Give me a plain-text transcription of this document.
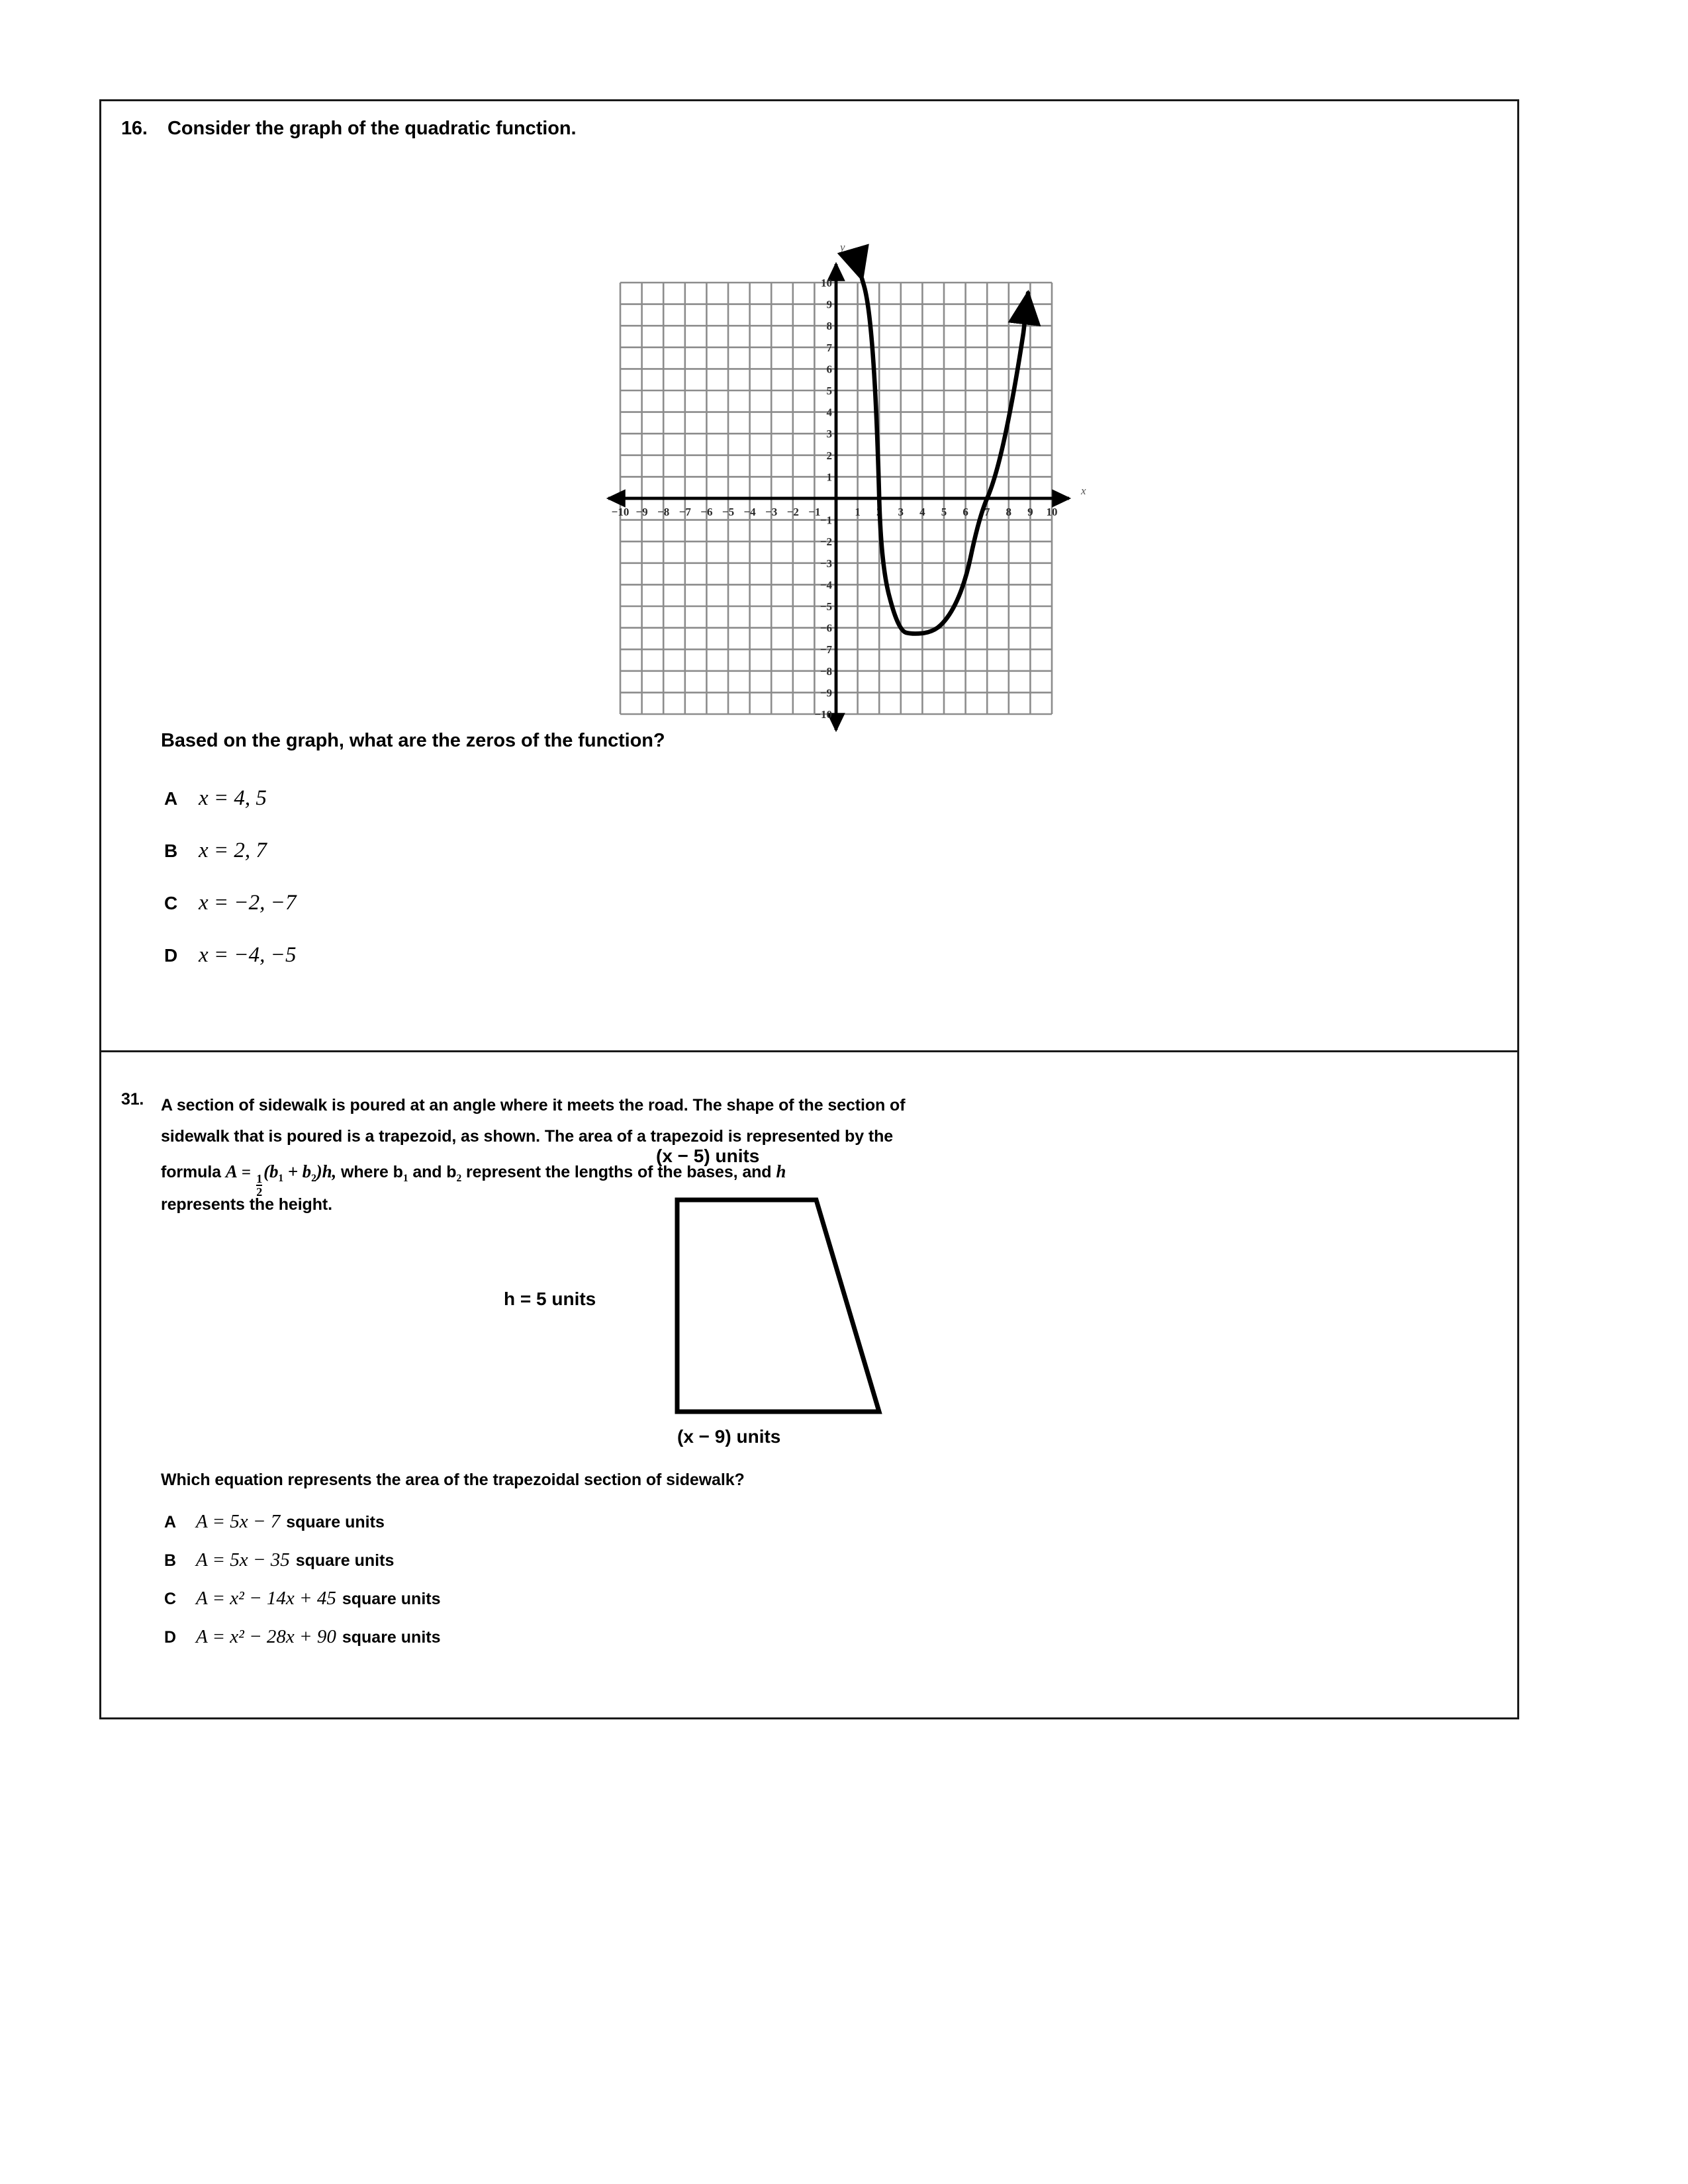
16. Consider the graph of the quadratic function.
x
y
−10 −9 −8 −7 −6 −5 −4 −3 −2 −1	1 2 3 4 5 6 7 8 9 10
10
9
8
7
6
5
4
3
2
1
−1
−2
−3
−4
−5
−6
−7
−8
−9
−10
Based on the graph, what are the zeros of the function?
A x = 4, 5
B x = 2, 7
C x = −2, −7
D x = −4, −5
31. A section of sidewalk is poured at an angle where it meets the road. The shape of the section of
sidewalk that is poured is a trapezoid, as shown. The area of a trapezoid is represented by the
formula A =
$\frac{1}{2}$
$(b_1 + b_2)h$, where $b_1$ and $b_2$ represent the lengths of the bases, and h
represents the height.
(x − 5) units
h = 5 units
(x − 9) units
Which equation represents the area of the trapezoidal section of sidewalk?
A	A = 5x − 7 square units
B	A = 5x − 35 square units
C	A = x² − 14x + 45 square units
D	A = x² − 28x + 90 square units
